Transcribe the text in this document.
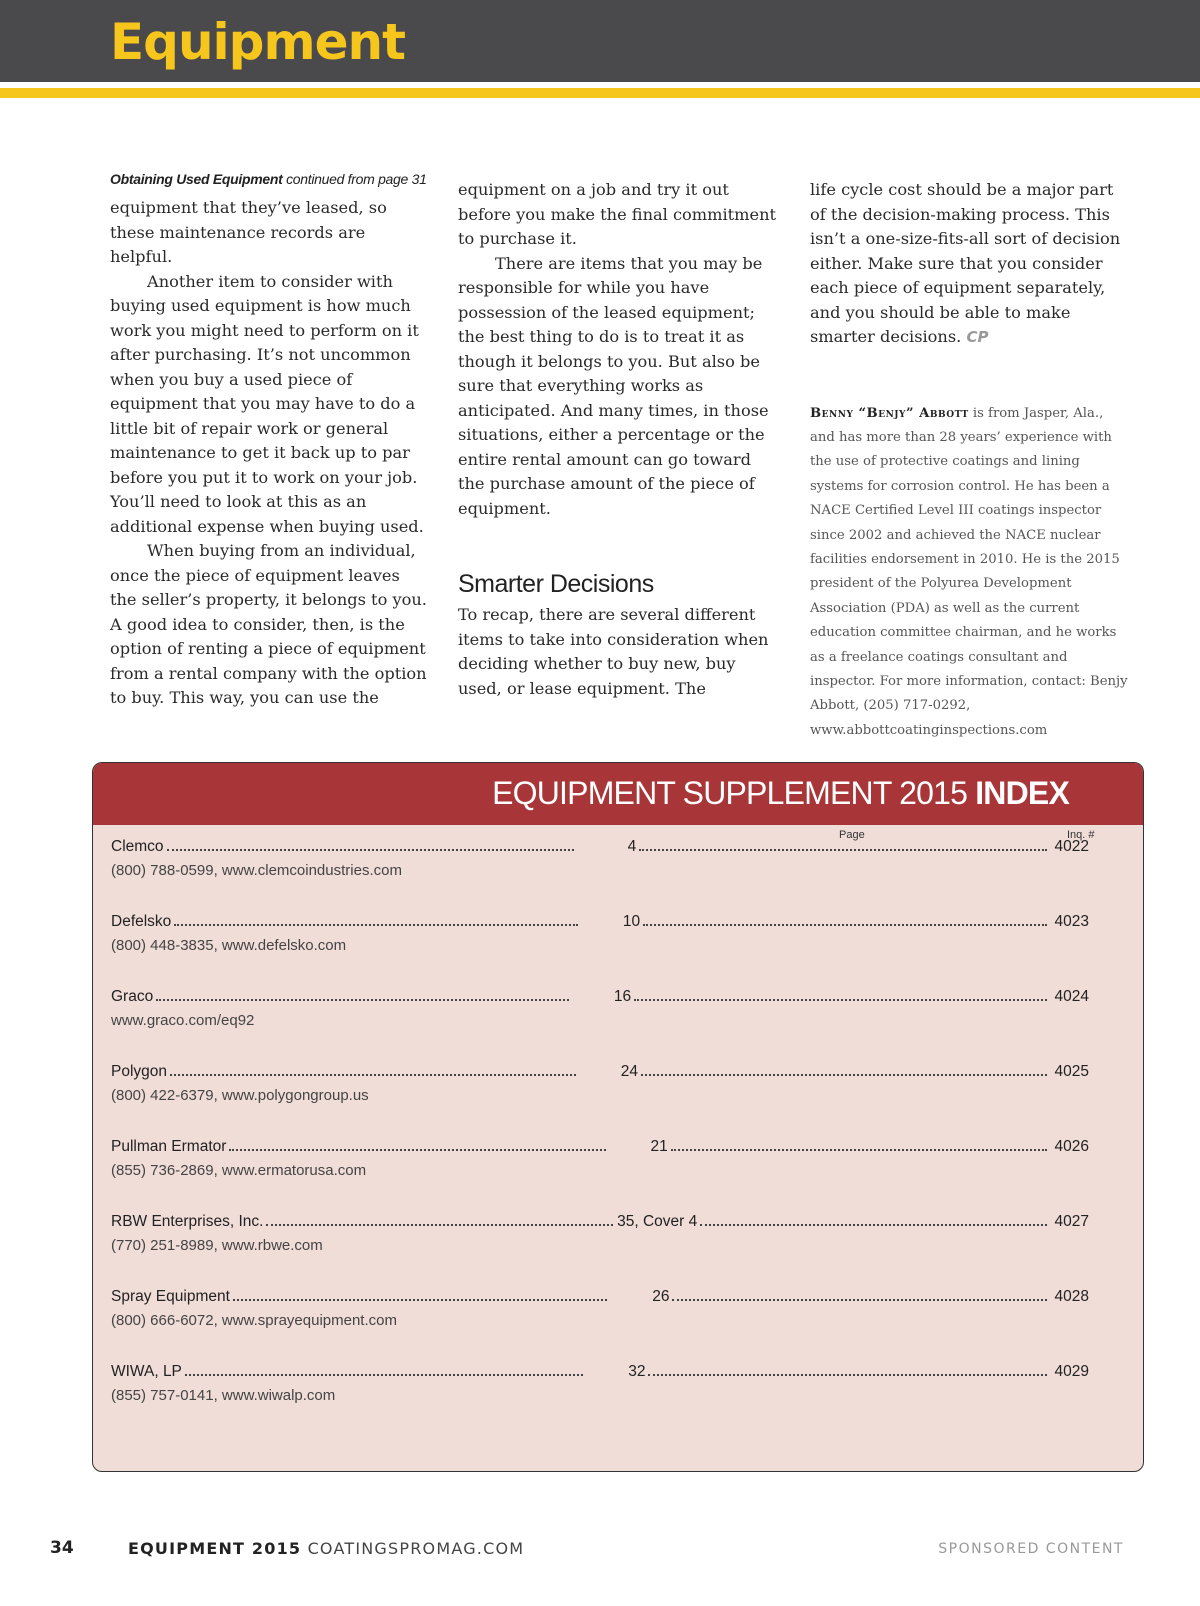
Equipment
Obtaining Used Equipment continued from page 31

equipment that they’ve leased, so these maintenance records are helpful.

Another item to consider with buying used equipment is how much work you might need to perform on it after purchasing. It’s not uncommon when you buy a used piece of equipment that you may have to do a little bit of repair work or general maintenance to get it back up to par before you put it to work on your job. You’ll need to look at this as an additional expense when buying used.

When buying from an individual, once the piece of equipment leaves the seller’s property, it belongs to you. A good idea to consider, then, is the option of renting a piece of equipment from a rental company with the option to buy. This way, you can use the

equipment on a job and try it out before you make the final commitment to purchase it.

There are items that you may be responsible for while you have possession of the leased equipment; the best thing to do is to treat it as though it belongs to you. But also be sure that everything works as anticipated. And many times, in those situations, either a percentage or the entire rental amount can go toward the purchase amount of the piece of equipment.

Smarter Decisions

To recap, there are several different items to take into consideration when deciding whether to buy new, buy used, or lease equipment. The

life cycle cost should be a major part of the decision-making process. This isn’t a one-size-fits-all sort of decision either. Make sure that you consider each piece of equipment separately, and you should be able to make smarter decisions. CP

Benny “Benjy” Abbott is from Jasper, Ala., and has more than 28 years’ experience with the use of protective coatings and lining systems for corrosion control. He has been a NACE Certified Level III coatings inspector since 2002 and achieved the NACE nuclear facilities endorsement in 2010. He is the 2015 president of the Polyurea Development Association (PDA) as well as the current education committee chairman, and he works as a freelance coatings consultant and inspector. For more information, contact: Benjy Abbott, (205) 717-0292, www.abbottcoatinginspections.com
EQUIPMENT SUPPLEMENT 2015 INDEX
Page	Inq. #
Clemco	4	4022
(800) 788-0599, www.clemcoindustries.com
Defelsko	10	4023
(800) 448-3835, www.defelsko.com
Graco	16	4024
www.graco.com/eq92
Polygon	24	4025
(800) 422-6379, www.polygongroup.us
Pullman Ermator	21	4026
(855) 736-2869, www.ermatorusa.com
RBW Enterprises, Inc.	35, Cover 4	4027
(770) 251-8989, www.rbwe.com
Spray Equipment	26	4028
(800) 666-6072, www.sprayequipment.com
WIWA, LP	32	4029
(855) 757-0141, www.wiwalp.com
34	EQUIPMENT 2015 COATINGSPROMAG.COM	SPONSORED CONTENT
